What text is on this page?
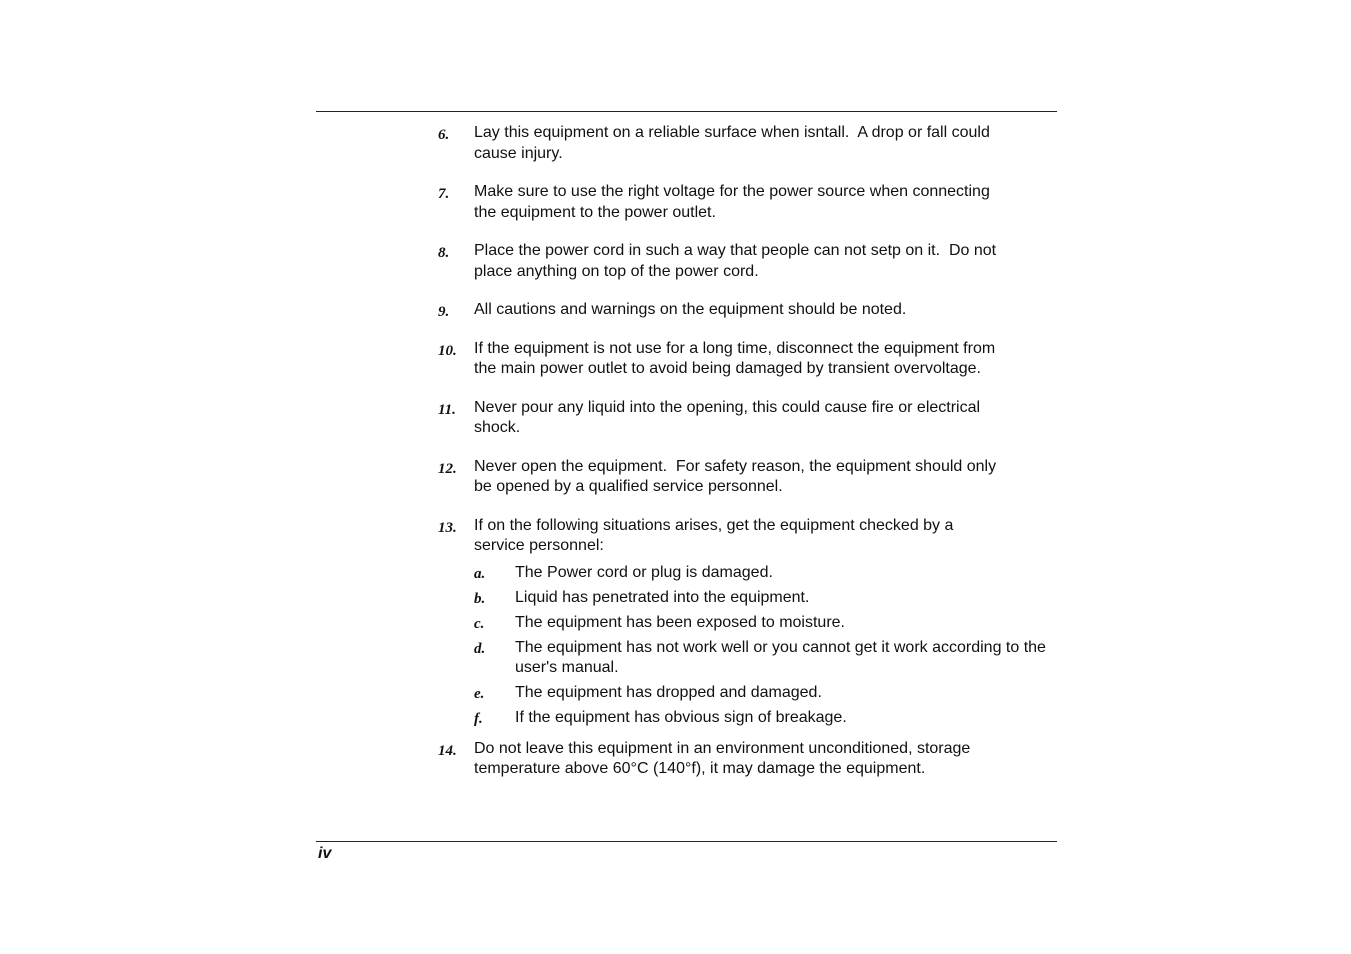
6. Lay this equipment on a reliable surface when isntall.  A drop or fall could
cause injury.
7. Make sure to use the right voltage for the power source when connecting
the equipment to the power outlet.
8. Place the power cord in such a way that people can not setp on it.  Do not
place anything on top of the power cord.
9. All cautions and warnings on the equipment should be noted.
10. If the equipment is not use for a long time, disconnect the equipment from
the main power outlet to avoid being damaged by transient overvoltage.
11. Never pour any liquid into the opening, this could cause fire or electrical
shock.
12. Never open the equipment.  For safety reason, the equipment should only
be opened by a qualified service personnel.
13. If on the following situations arises, get the equipment checked by a
service personnel:
a. The Power cord or plug is damaged.
b. Liquid has penetrated into the equipment.
c. The equipment has been exposed to moisture.
d. The equipment has not work well or you cannot get it work according to the user's manual.
e. The equipment has dropped and damaged.
f. If the equipment has obvious sign of breakage.
14. Do not leave this equipment in an environment unconditioned, storage
temperature above 60°C (140°f), it may damage the equipment.
iv
